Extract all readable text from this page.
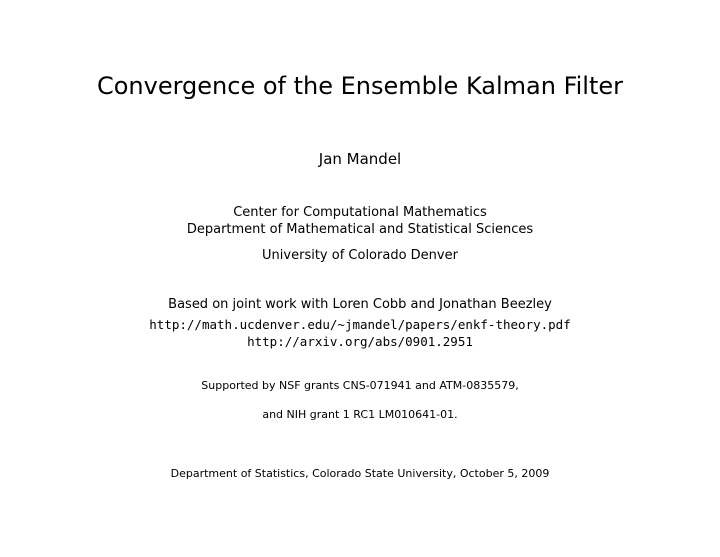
Convergence of the Ensemble Kalman Filter
Jan Mandel
Center for Computational Mathematics
Department of Mathematical and Statistical Sciences
University of Colorado Denver
Based on joint work with Loren Cobb and Jonathan Beezley
http://math.ucdenver.edu/~jmandel/papers/enkf-theory.pdf
http://arxiv.org/abs/0901.2951
Supported by NSF grants CNS-071941 and ATM-0835579,
and NIH grant 1 RC1 LM010641-01.
Department of Statistics, Colorado State University, October 5, 2009
